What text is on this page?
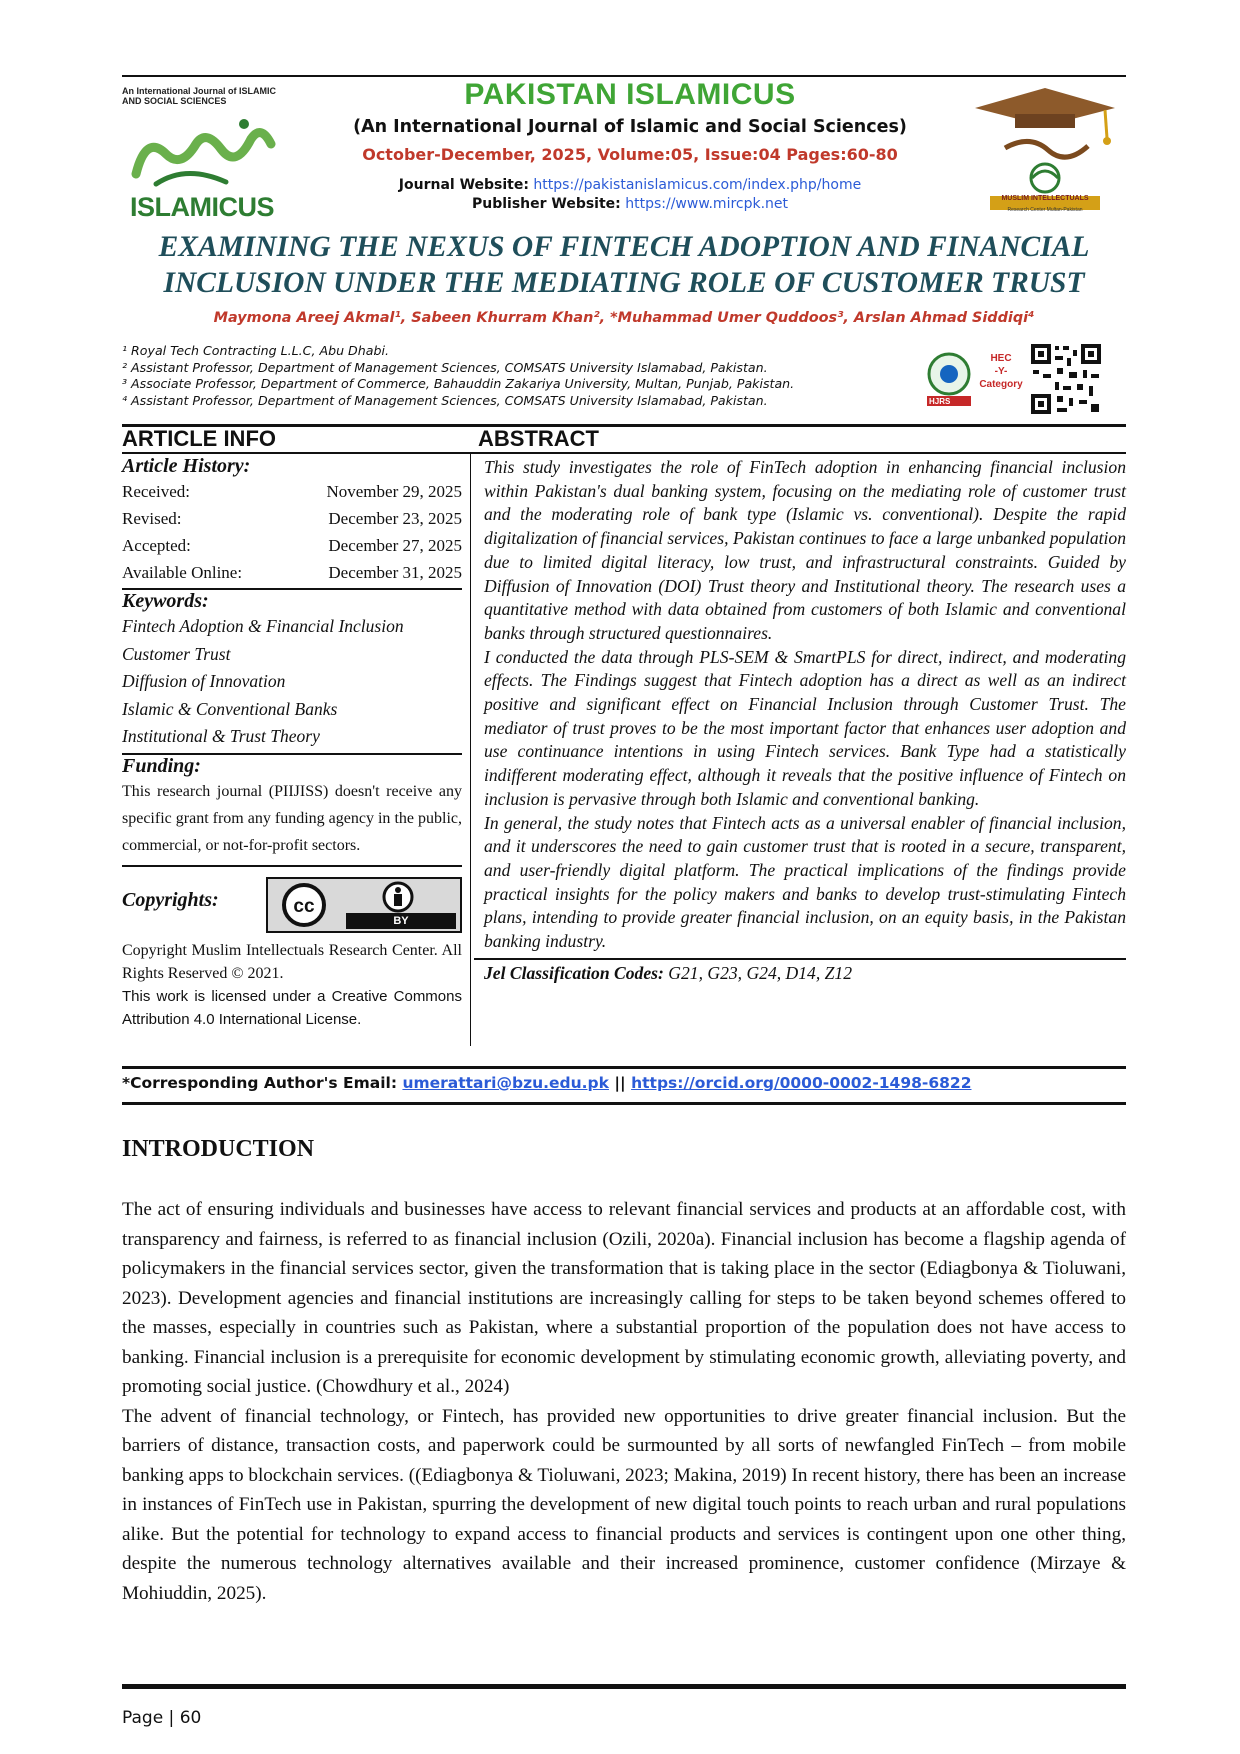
An International Journal of ISLAMIC AND SOCIAL SCIENCES
ISLAMICUS
PAKISTAN ISLAMICUS
(An International Journal of Islamic and Social Sciences)
October-December, 2025, Volume:05, Issue:04 Pages:60-80
Journal Website: https://pakistanislamicus.com/index.php/home
Publisher Website: https://www.mircpk.net	MUSLIM INTELLECTUALS
Research Center Multan-Pakistan
EXAMINING THE NEXUS OF FINTECH ADOPTION AND FINANCIAL
INCLUSION UNDER THE MEDIATING ROLE OF CUSTOMER TRUST
Maymona Areej Akmal¹, Sabeen Khurram Khan², *Muhammad Umer Quddoos³, Arslan Ahmad Siddiqi⁴
¹ Royal Tech Contracting L.L.C, Abu Dhabi.
² Assistant Professor, Department of Management Sciences, COMSATS University Islamabad, Pakistan.
³ Associate Professor, Department of Commerce, Bahauddin Zakariya University, Multan, Punjab, Pakistan.
⁴ Assistant Professor, Department of Management Sciences, COMSATS University Islamabad, Pakistan.	HJRS
HEC
-Y-
Category
ARTICLE INFO	ABSTRACT
Article History:
Received:	November 29, 2025
Revised:	December 23, 2025
Accepted:	December 27, 2025
Available Online:	December 31, 2025
Keywords:
Fintech Adoption & Financial Inclusion
Customer Trust
Diffusion of Innovation
Islamic & Conventional Banks
Institutional & Trust Theory
Funding:
This research journal (PIIJISS) doesn't receive any specific grant from any funding agency in the public, commercial, or not-for-profit sectors.
Copyrights:	cc
BY
Copyright Muslim Intellectuals Research Center. All Rights Reserved © 2021.
This work is licensed under a Creative Commons Attribution 4.0 International License.
This study investigates the role of FinTech adoption in enhancing financial inclusion within Pakistan's dual banking system, focusing on the mediating role of customer trust and the moderating role of bank type (Islamic vs. conventional). Despite the rapid digitalization of financial services, Pakistan continues to face a large unbanked population due to limited digital literacy, low trust, and infrastructural constraints. Guided by Diffusion of Innovation (DOI) Trust theory and Institutional theory. The research uses a quantitative method with data obtained from customers of both Islamic and conventional banks through structured questionnaires.
I conducted the data through PLS-SEM & SmartPLS for direct, indirect, and moderating effects. The Findings suggest that Fintech adoption has a direct as well as an indirect positive and significant effect on Financial Inclusion through Customer Trust. The mediator of trust proves to be the most important factor that enhances user adoption and use continuance intentions in using Fintech services. Bank Type had a statistically indifferent moderating effect, although it reveals that the positive influence of Fintech on inclusion is pervasive through both Islamic and conventional banking.
In general, the study notes that Fintech acts as a universal enabler of financial inclusion, and it underscores the need to gain customer trust that is rooted in a secure, transparent, and user-friendly digital platform. The practical implications of the findings provide practical insights for the policy makers and banks to develop trust-stimulating Fintech plans, intending to provide greater financial inclusion, on an equity basis, in the Pakistan banking industry.
Jel Classification Codes: G21, G23, G24, D14, Z12
*Corresponding Author's Email: umerattari@bzu.edu.pk || https://orcid.org/0000-0002-1498-6822
INTRODUCTION

The act of ensuring individuals and businesses have access to relevant financial services and products at an affordable cost, with transparency and fairness, is referred to as financial inclusion (Ozili, 2020a). Financial inclusion has become a flagship agenda of policymakers in the financial services sector, given the transformation that is taking place in the sector (Ediagbonya & Tioluwani, 2023). Development agencies and financial institutions are increasingly calling for steps to be taken beyond schemes offered to the masses, especially in countries such as Pakistan, where a substantial proportion of the population does not have access to banking. Financial inclusion is a prerequisite for economic development by stimulating economic growth, alleviating poverty, and promoting social justice. (Chowdhury et al., 2024)

The advent of financial technology, or Fintech, has provided new opportunities to drive greater financial inclusion. But the barriers of distance, transaction costs, and paperwork could be surmounted by all sorts of newfangled FinTech – from mobile banking apps to blockchain services. ((Ediagbonya & Tioluwani, 2023; Makina, 2019) In recent history, there has been an increase in instances of FinTech use in Pakistan, spurring the development of new digital touch points to reach urban and rural populations alike. But the potential for technology to expand access to financial products and services is contingent upon one other thing, despite the numerous technology alternatives available and their increased prominence, customer confidence (Mirzaye & Mohiuddin, 2025).

Page | 60
